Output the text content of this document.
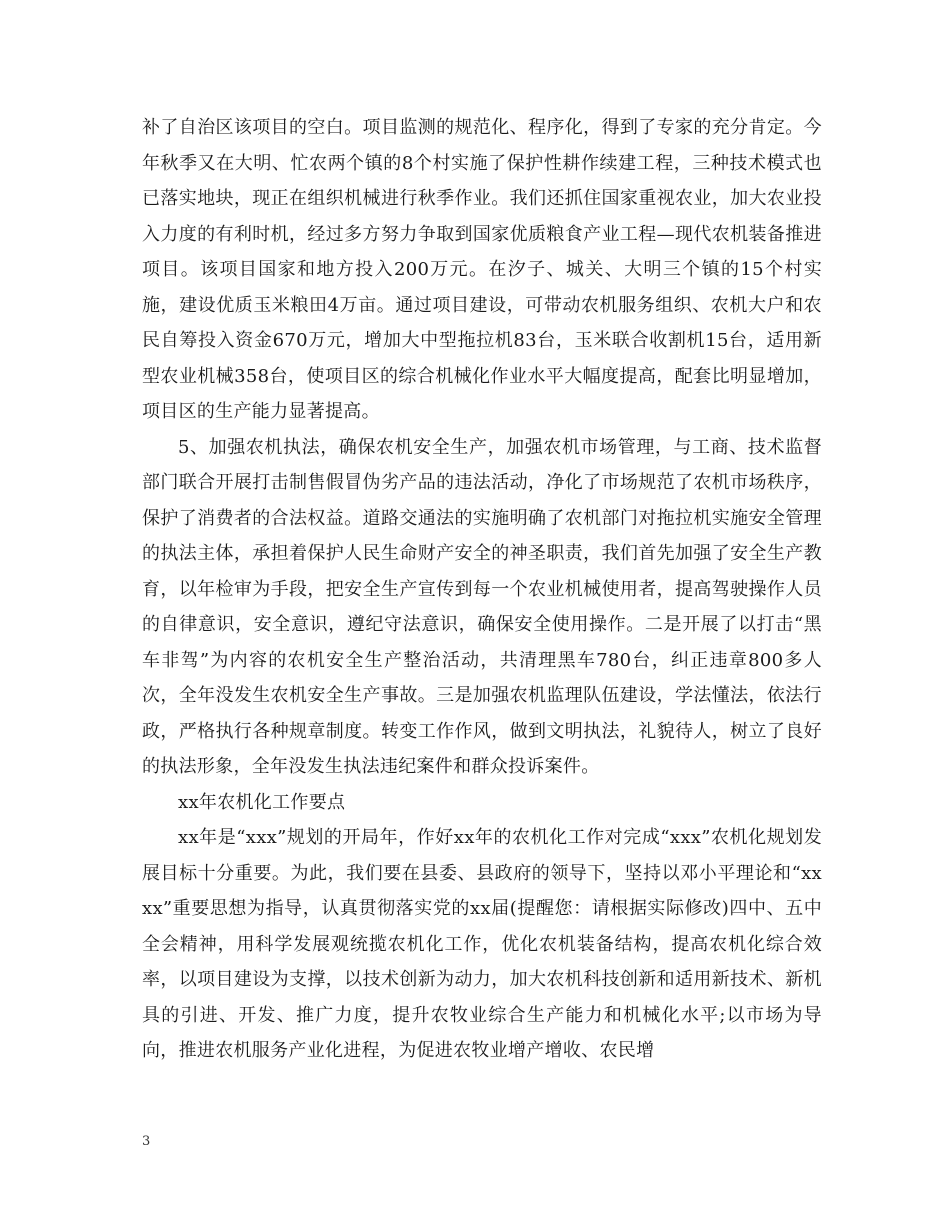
补了自治区该项目的空白。项目监测的规范化、程序化，得到了专家的充分肯定。今年秋季又在大明、忙农两个镇的8个村实施了保护性耕作续建工程，三种技术模式也已落实地块，现正在组织机械进行秋季作业。我们还抓住国家重视农业，加大农业投入力度的有利时机，经过多方努力争取到国家优质粮食产业工程—现代农机装备推进项目。该项目国家和地方投入200万元。在汐子、城关、大明三个镇的15个村实施，建设优质玉米粮田4万亩。通过项目建设，可带动农机服务组织、农机大户和农民自筹投入资金670万元，增加大中型拖拉机83台，玉米联合收割机15台，适用新型农业机械358台，使项目区的综合机械化作业水平大幅度提高，配套比明显增加，项目区的生产能力显著提高。

5、加强农机执法，确保农机安全生产，加强农机市场管理，与工商、技术监督部门联合开展打击制售假冒伪劣产品的违法活动，净化了市场规范了农机市场秩序，保护了消费者的合法权益。道路交通法的实施明确了农机部门对拖拉机实施安全管理的执法主体，承担着保护人民生命财产安全的神圣职责，我们首先加强了安全生产教育，以年检审为手段，把安全生产宣传到每一个农业机械使用者，提高驾驶操作人员的自律意识，安全意识，遵纪守法意识，确保安全使用操作。二是开展了以打击“黑车非驾”为内容的农机安全生产整治活动，共清理黑车780台，纠正违章800多人次，全年没发生农机安全生产事故。三是加强农机监理队伍建设，学法懂法，依法行政，严格执行各种规章制度。转变工作作风，做到文明执法，礼貌待人，树立了良好的执法形象，全年没发生执法违纪案件和群众投诉案件。

xx年农机化工作要点

xx年是“xxx”规划的开局年，作好xx年的农机化工作对完成“xxx”农机化规划发展目标十分重要。为此，我们要在县委、县政府的领导下，坚持以邓小平理论和“xxxx”重要思想为指导，认真贯彻落实党的xx届(提醒您：请根据实际修改)四中、五中全会精神，用科学发展观统揽农机化工作，优化农机装备结构，提高农机化综合效率，以项目建设为支撑，以技术创新为动力，加大农机科技创新和适用新技术、新机具的引进、开发、推广力度，提升农牧业综合生产能力和机械化水平;以市场为导向，推进农机服务产业化进程，为促进农牧业增产增收、农民增

3
